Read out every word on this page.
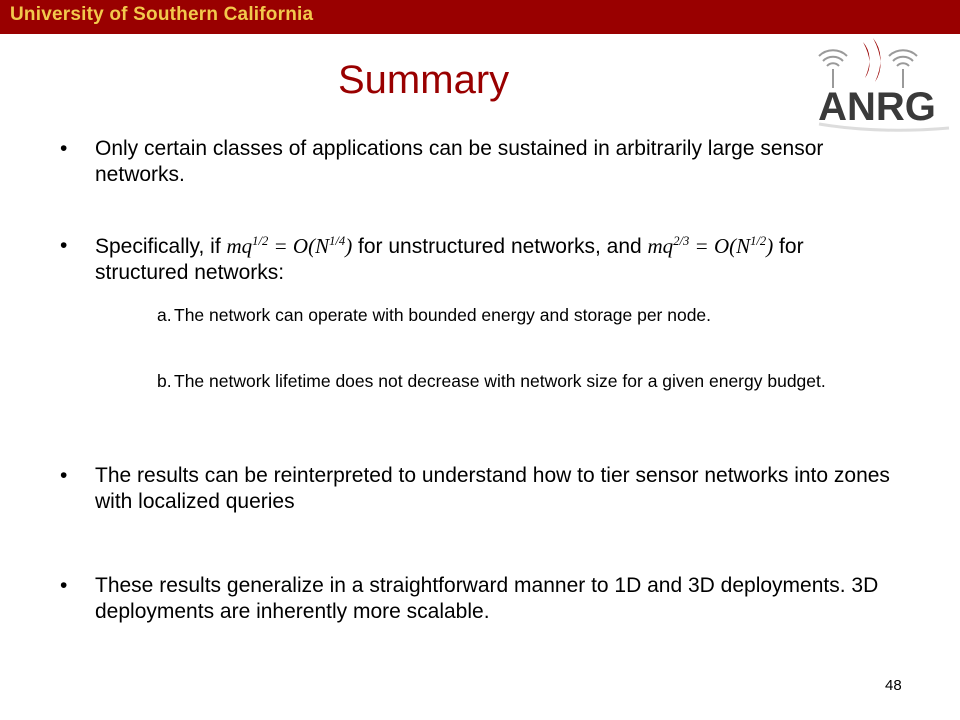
University of Southern California
Summary
ANRG
•	Only certain classes of applications can be sustained in arbitrarily large sensor networks.
•	Specifically, if $mq^{1/2} = O(N^{1/4})$ for unstructured networks, and $mq^{2/3} = O(N^{1/2})$ for structured networks:
•	The results can be reinterpreted to understand how to tier sensor networks into zones with localized queries
•	These results generalize in a straightforward manner to 1D and 3D deployments. 3D deployments are inherently more scalable.
a. The network can operate with bounded energy and storage per node.
b. The network lifetime does not decrease with network size for a given energy budget.
48
